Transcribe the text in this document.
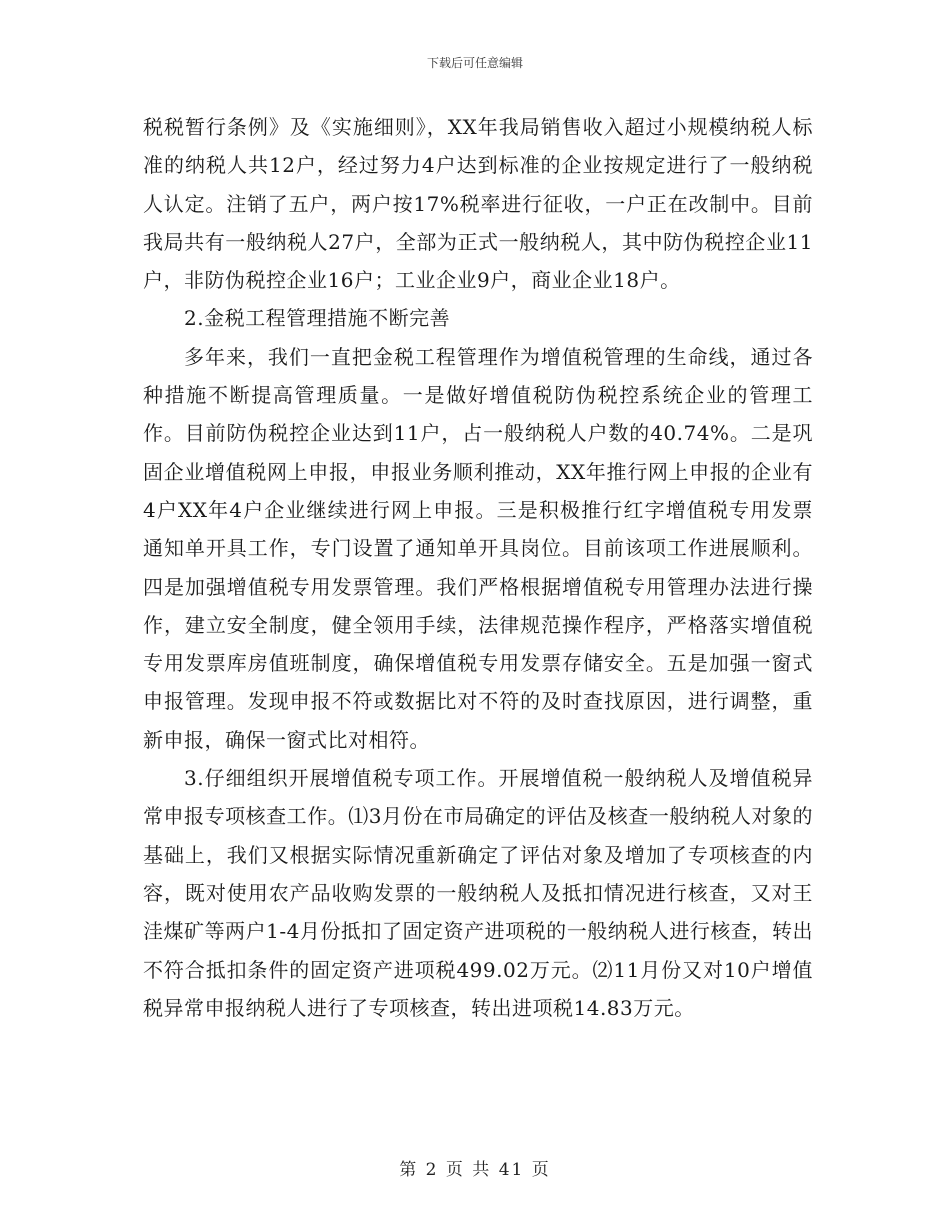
下载后可任意编辑

税税暂行条例》及《实施细则》，XX年我局销售收入超过小规模纳税人标准的纳税人共12户，经过努力4户达到标准的企业按规定进行了一般纳税人认定。注销了五户，两户按17%税率进行征收，一户正在改制中。目前我局共有一般纳税人27户，全部为正式一般纳税人，其中防伪税控企业11户，非防伪税控企业16户；工业企业9户，商业企业18户。

2.金税工程管理措施不断完善

多年来，我们一直把金税工程管理作为增值税管理的生命线，通过各种措施不断提高管理质量。一是做好增值税防伪税控系统企业的管理工作。目前防伪税控企业达到11户，占一般纳税人户数的40.74%。二是巩固企业增值税网上申报，申报业务顺利推动，XX年推行网上申报的企业有4户XX年4户企业继续进行网上申报。三是积极推行红字增值税专用发票通知单开具工作，专门设置了通知单开具岗位。目前该项工作进展顺利。四是加强增值税专用发票管理。我们严格根据增值税专用管理办法进行操作，建立安全制度，健全领用手续，法律规范操作程序，严格落实增值税专用发票库房值班制度，确保增值税专用发票存储安全。五是加强一窗式申报管理。发现申报不符或数据比对不符的及时查找原因，进行调整，重新申报，确保一窗式比对相符。

3.仔细组织开展增值税专项工作。开展增值税一般纳税人及增值税异常申报专项核查工作。⑴3月份在市局确定的评估及核查一般纳税人对象的基础上，我们又根据实际情况重新确定了评估对象及增加了专项核查的内容，既对使用农产品收购发票的一般纳税人及抵扣情况进行核查，又对王洼煤矿等两户1-4月份抵扣了固定资产进项税的一般纳税人进行核查，转出不符合抵扣条件的固定资产进项税499.02万元。⑵11月份又对10户增值税异常申报纳税人进行了专项核查，转出进项税14.83万元。

第 2 页 共 41 页
